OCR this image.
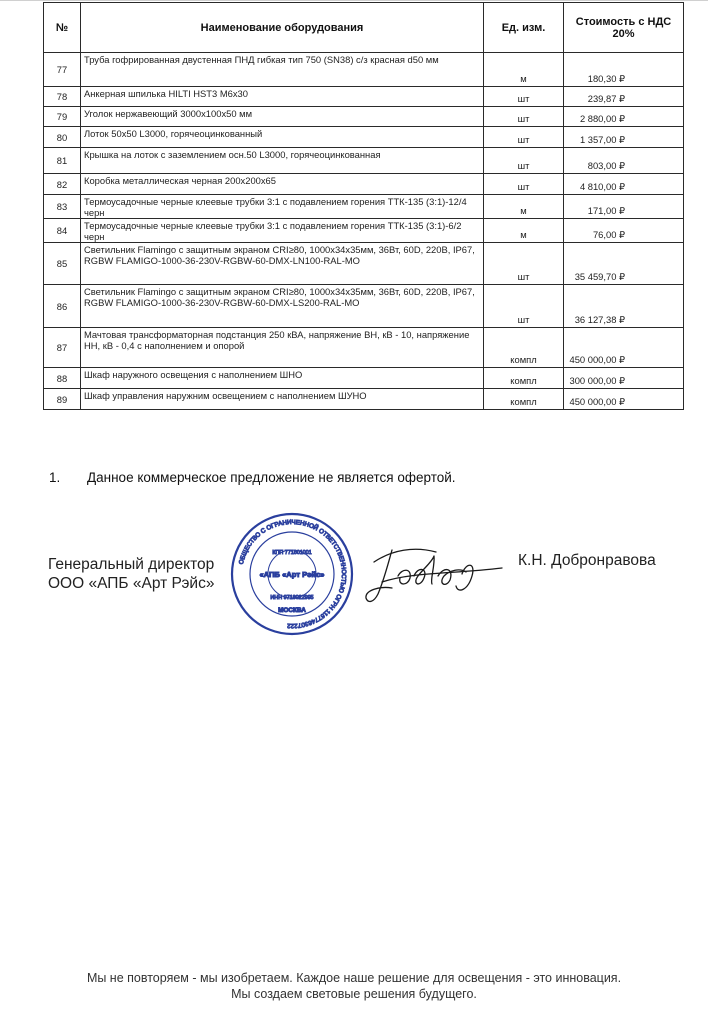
№	Наименование оборудования	Ед. изм.	Стоимость с НДС 20%
77	Труба гофрированная двустенная ПНД гибкая тип 750 (SN38) с/з красная d50 мм	м	180,30 ₽
78	Анкерная шпилька HILTI HST3 М6х30	шт	239,87 ₽
79	Уголок нержавеющий 3000х100х50 мм	шт	2 880,00 ₽
80	Лоток 50х50 L3000, горячеоцинкованный	шт	1 357,00 ₽
81	Крышка на лоток с заземлением осн.50 L3000, горячеоцинкованная	шт	803,00 ₽
82	Коробка металлическая черная 200х200х65	шт	4 810,00 ₽
83	Термоусадочные черные клеевые трубки 3:1 с подавлением горения ТТК-135 (3:1)-12/4 черн	м	171,00 ₽
84	Термоусадочные черные клеевые трубки 3:1 с подавлением горения ТТК-135 (3:1)-6/2 черн	м	76,00 ₽
85	Светильник Flamingo с защитным экраном CRI≥80, 1000х34х35мм, 36Вт, 60D, 220В, IP67, RGBW FLAMIGO-1000-36-230V-RGBW-60-DMX-LN100-RAL-MO	шт	35 459,70 ₽
86	Светильник Flamingo с защитным экраном CRI≥80, 1000х34х35мм, 36Вт, 60D, 220В, IP67, RGBW FLAMIGO-1000-36-230V-RGBW-60-DMX-LS200-RAL-MO	шт	36 127,38 ₽
87	Мачтовая трансформаторная подстанция 250 кВА, напряжение ВН, кВ - 10, напряжение НН, кВ - 0,4 с наполнением и опорой	компл	450 000,00 ₽
88	Шкаф наружного освещения с наполнением ШНО	компл	300 000,00 ₽
89	Шкаф управления наружним освещением с наполнением ШУНО	компл	450 000,00 ₽
1. Данное коммерческое предложение не является офертой.
Генеральный директор
ООО «АПБ «Арт Рэйс»
ОБЩЕСТВО С ОГРАНИЧЕННОЙ ОТВЕТСТВЕННОСТЬЮ ОГРН 1167746307222
КПП 771801001
«АПБ «Арт Рэйс»
ИНН 9718022995
МОСКВА
К.Н. Добронравова
Мы не повторяем - мы изобретаем. Каждое наше решение для освещения - это инновация.
Мы создаем световые решения будущего.
